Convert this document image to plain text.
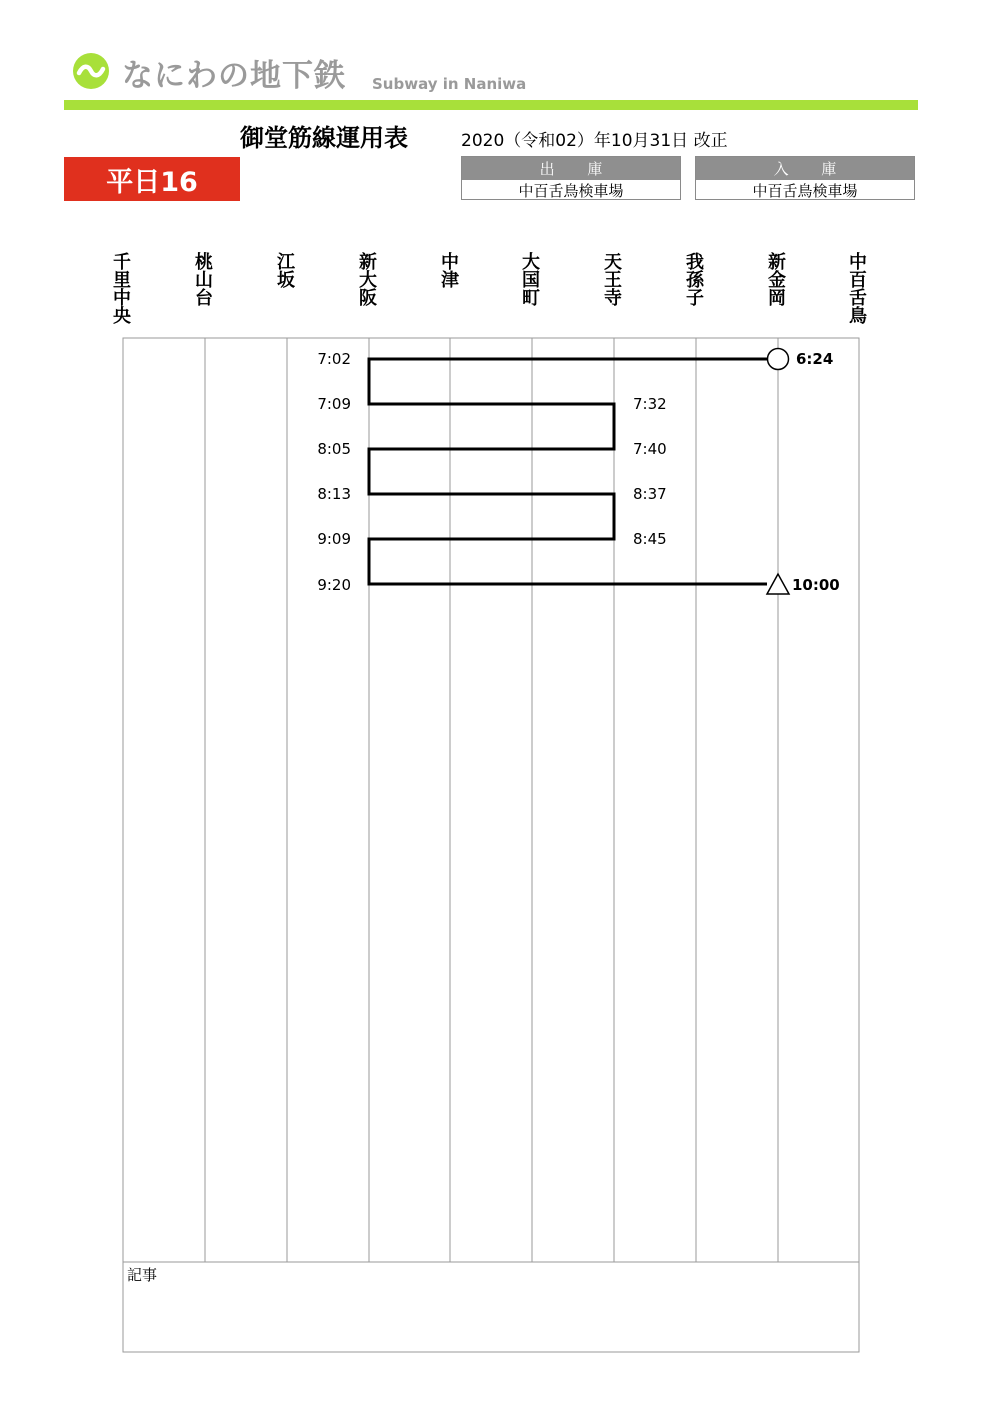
なにわの地下鉄 Subway in Naniwa
御堂筋線運用表	2020（令和02）年10月31日 改正
平日16	出 庫
中百舌鳥検車場
入 庫
中百舌鳥検車場
千里中央
桃山台
江坂
新大阪
中津
大国町
天王寺
我孫子
新金岡
中百舌鳥
7:02
7:09
8:05
8:13
9:09
9:20
7:32
7:40
8:37
8:45
6:24
10:00
記事
